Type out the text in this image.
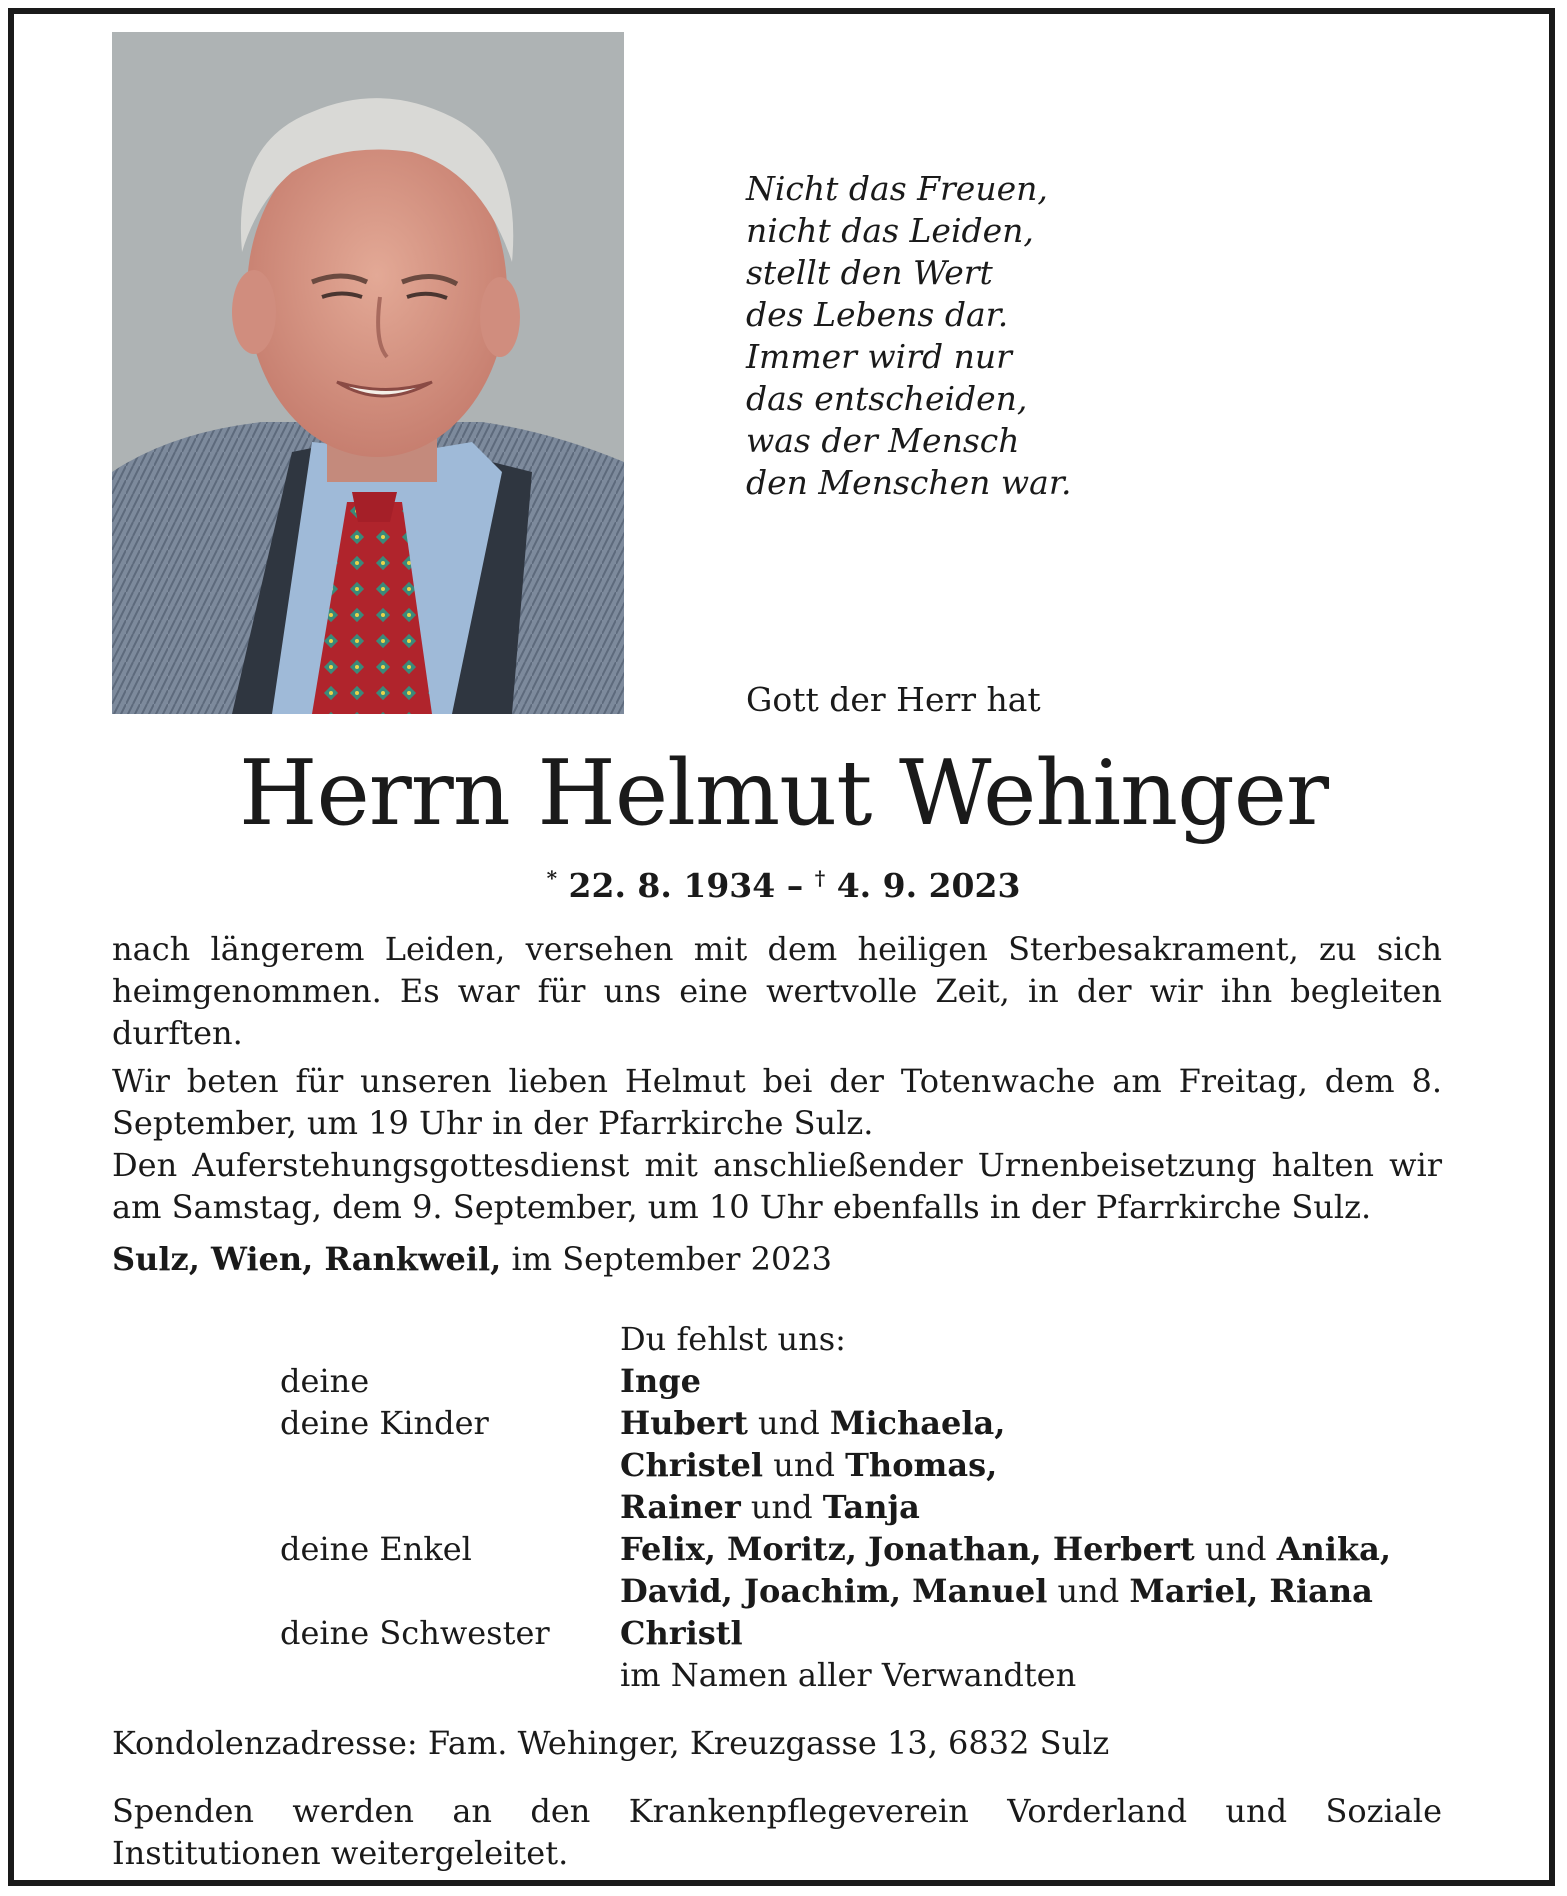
Nicht das Freuen,
nicht das Leiden,
stellt den Wert
des Lebens dar.
Immer wird nur
das entscheiden,
was der Mensch
den Menschen war.
Gott der Herr hat
Herrn Helmut Wehinger
* 22. 8. 1934 – † 4. 9. 2023
nach längerem Leiden, versehen mit dem heiligen Sterbesakrament, zu sich heimgenommen. Es war für uns eine wertvolle Zeit, in der wir ihn begleiten durften.
Wir beten für unseren lieben Helmut bei der Totenwache am Freitag, dem 8. September, um 19 Uhr in der Pfarrkirche Sulz.
Den Auferstehungsgottesdienst mit anschließender Urnenbeisetzung halten wir am Samstag, dem 9. September, um 10 Uhr ebenfalls in der Pfarrkirche Sulz.
Sulz, Wien, Rankweil, im September 2023
Du fehlst uns:
deine	Inge
deine Kinder	Hubert und Michaela,
Christel und Thomas,
Rainer und Tanja
deine Enkel	Felix, Moritz, Jonathan, Herbert und Anika,
David, Joachim, Manuel und Mariel, Riana
deine Schwester Christl
im Namen aller Verwandten
Kondolenzadresse: Fam. Wehinger, Kreuzgasse 13, 6832 Sulz
Spenden werden an den Krankenpflegeverein Vorderland und Soziale Institutionen weitergeleitet.
